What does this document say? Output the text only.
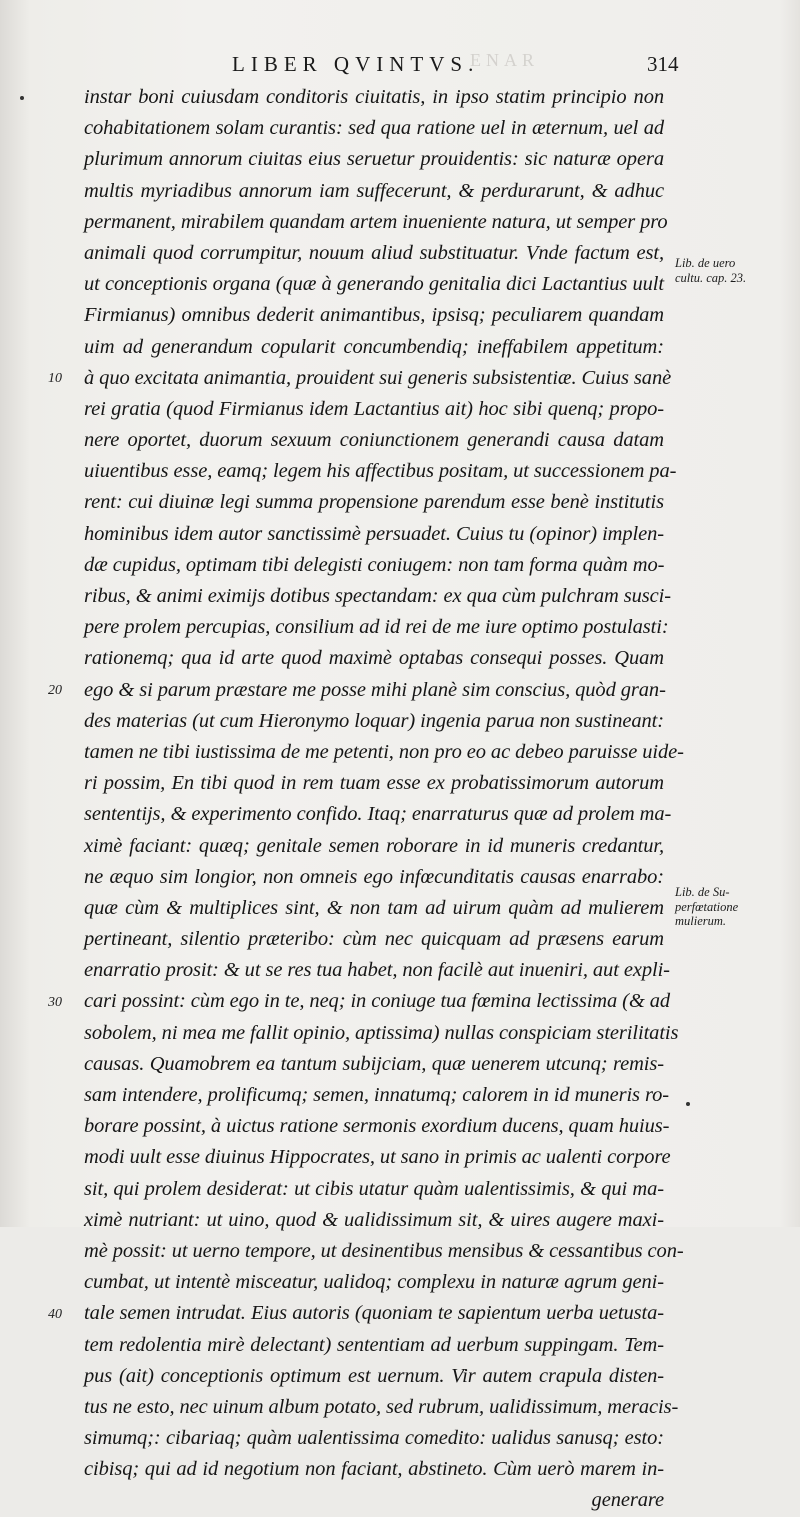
ENAR
LIBER QVINTVS.	314
instar boni cuiusdam conditoris ciuitatis, in ipso statim principio non
cohabitationem solam curantis: sed qua ratione uel in æternum, uel ad
plurimum annorum ciuitas eius seruetur prouidentis: sic naturæ opera
multis myriadibus annorum iam suffecerunt, & perdurarunt, & adhuc
permanent, mirabilem quandam artem inueniente natura, ut semper pro
animali quod corrumpitur, nouum aliud substituatur. Vnde factum est,
ut conceptionis organa (quæ à generando genitalia dici Lactantius uult
Firmianus) omnibus dederit animantibus, ipsisq; peculiarem quandam
uim ad generandum copularit concumbendiq; ineffabilem appetitum:
à quo excitata animantia, prouident sui generis subsistentiæ. Cuius sanè
rei gratia (quod Firmianus idem Lactantius ait) hoc sibi quenq; propo-
nere oportet, duorum sexuum coniunctionem generandi causa datam
uiuentibus esse, eamq; legem his affectibus positam, ut successionem pa-
rent: cui diuinæ legi summa propensione parendum esse benè institutis
hominibus idem autor sanctissimè persuadet. Cuius tu (opinor) implen-
dæ cupidus, optimam tibi delegisti coniugem: non tam forma quàm mo-
ribus, & animi eximijs dotibus spectandam: ex qua cùm pulchram susci-
pere prolem percupias, consilium ad id rei de me iure optimo postulasti:
rationemq; qua id arte quod maximè optabas consequi posses. Quam
ego & si parum præstare me posse mihi planè sim conscius, quòd gran-
des materias (ut cum Hieronymo loquar) ingenia parua non sustineant:
tamen ne tibi iustissima de me petenti, non pro eo ac debeo paruisse uide-
ri possim, En tibi quod in rem tuam esse ex probatissimorum autorum
sententijs, & experimento confido. Itaq; enarraturus quæ ad prolem ma-
ximè faciant: quæq; genitale semen roborare in id muneris credantur,
ne æquo sim longior, non omneis ego infœcunditatis causas enarrabo:
quæ cùm & multiplices sint, & non tam ad uirum quàm ad mulierem
pertineant, silentio præteribo: cùm nec quicquam ad præsens earum
enarratio prosit: & ut se res tua habet, non facilè aut inueniri, aut expli-
cari possint: cùm ego in te, neq; in coniuge tua fœmina lectissima (& ad
sobolem, ni mea me fallit opinio, aptissima) nullas conspiciam sterilitatis
causas. Quamobrem ea tantum subijciam, quæ uenerem utcunq; remis-
sam intendere, prolificumq; semen, innatumq; calorem in id muneris ro-
borare possint, à uictus ratione sermonis exordium ducens, quam huius-
modi uult esse diuinus Hippocrates, ut sano in primis ac ualenti corpore
sit, qui prolem desiderat: ut cibis utatur quàm ualentissimis, & qui ma-
ximè nutriant: ut uino, quod & ualidissimum sit, & uires augere maxi-
mè possit: ut uerno tempore, ut desinentibus mensibus & cessantibus con-
cumbat, ut intentè misceatur, ualidoq; complexu in naturæ agrum geni-
tale semen intrudat. Eius autoris (quoniam te sapientum uerba uetusta-
tem redolentia mirè delectant) sententiam ad uerbum suppingam. Tem-
pus (ait) conceptionis optimum est uernum. Vir autem crapula disten-
tus ne esto, nec uinum album potato, sed rubrum, ualidissimum, meracis-
simumq;: cibariaq; quàm ualentissima comedito: ualidus sanusq; esto:
cibisq; qui ad id negotium non faciant, abstineto. Cùm uerò marem in-
generare
10
20
30
40
Lib. de uero
cultu. cap. 23.
Lib. de Su-
perfœtatione
mulierum.
